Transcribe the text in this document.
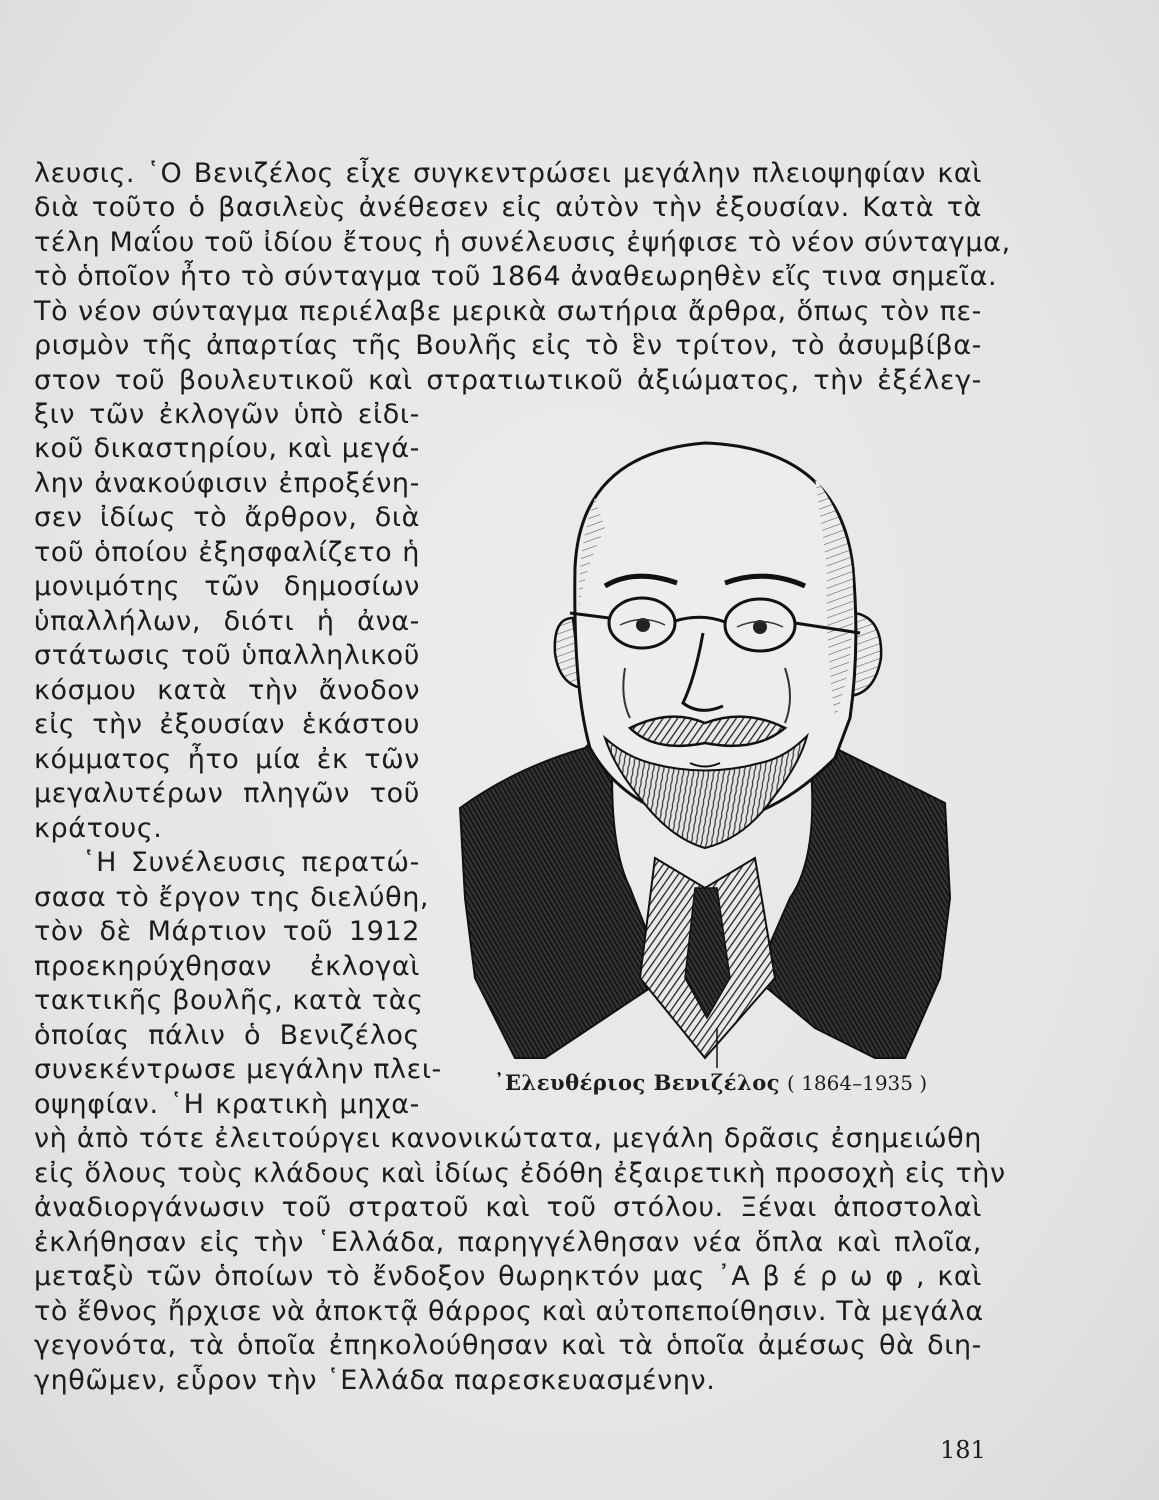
λευσις. ῾Ο Βενιζέλος εἶχε συγκεντρώσει μεγάλην πλειοψηφίαν καὶ
διὰ τοῦτο ὁ βασιλεὺς ἀνέθεσεν εἰς αὐτὸν τὴν ἐξουσίαν. Κατὰ τὰ
τέλη Μαΐου τοῦ ἰδίου ἔτους ἡ συνέλευσις ἐψήφισε τὸ νέον σύνταγμα,
τὸ ὁποῖον ἦτο τὸ σύνταγμα τοῦ 1864 ἀναθεωρηθὲν εἴς τινα σημεῖα.
Τὸ νέον σύνταγμα περιέλαβε μερικὰ σωτήρια ἄρθρα, ὅπως τὸν πε-
ρισμὸν τῆς ἀπαρτίας τῆς Βουλῆς εἰς τὸ ἓν τρίτον, τὸ ἀσυμβίβα-
στον τοῦ βουλευτικοῦ καὶ στρατιωτικοῦ ἀξιώματος, τὴν ἐξέλεγ-
ξιν τῶν ἐκλογῶν ὑπὸ εἰδι-
κοῦ δικαστηρίου, καὶ μεγά-
λην ἀνακούφισιν ἐπροξένη-
σεν ἰδίως τὸ ἄρθρον, διὰ
τοῦ ὁποίου ἐξησφαλίζετο ἡ
μονιμότης τῶν δημοσίων
ὑπαλλήλων, διότι ἡ ἀνα-
στάτωσις τοῦ ὑπαλληλικοῦ
κόσμου κατὰ τὴν ἄνοδον
εἰς τὴν ἐξουσίαν ἑκάστου
κόμματος ἦτο μία ἐκ τῶν
μεγαλυτέρων πληγῶν τοῦ
κράτους.
῾Η Συνέλευσις περατώ-
σασα τὸ ἔργον της διελύθη,
τὸν δὲ Μάρτιον τοῦ 1912
προεκηρύχθησαν ἐκλογαὶ
τακτικῆς βουλῆς, κατὰ τὰς
ὁποίας πάλιν ὁ Βενιζέλος
συνεκέντρωσε μεγάλην πλει-
οψηφίαν. ῾Η κρατικὴ μηχα-
᾿Ελευθέριος Βενιζέλος ( 1864–1935 )
νὴ ἀπὸ τότε ἐλειτούργει κανονικώτατα, μεγάλη δρᾶσις ἐσημειώθη
εἰς ὅλους τοὺς κλάδους καὶ ἰδίως ἐδόθη ἐξαιρετικὴ προσοχὴ εἰς τὴν
ἀναδιοργάνωσιν τοῦ στρατοῦ καὶ τοῦ στόλου. Ξέναι ἀποστολαὶ
ἐκλήθησαν εἰς τὴν ῾Ελλάδα, παρηγγέλθησαν νέα ὅπλα καὶ πλοῖα,
μεταξὺ τῶν ὁποίων τὸ ἔνδοξον θωρηκτόν μας ᾿Α β έ ρ ω φ , καὶ
τὸ ἔθνος ἤρχισε νὰ ἀποκτᾷ θάρρος καὶ αὐτοπεποίθησιν. Τὰ μεγάλα
γεγονότα, τὰ ὁποῖα ἐπηκολούθησαν καὶ τὰ ὁποῖα ἀμέσως θὰ διη-
γηθῶμεν, εὗρον τὴν ῾Ελλάδα παρεσκευασμένην.
181
